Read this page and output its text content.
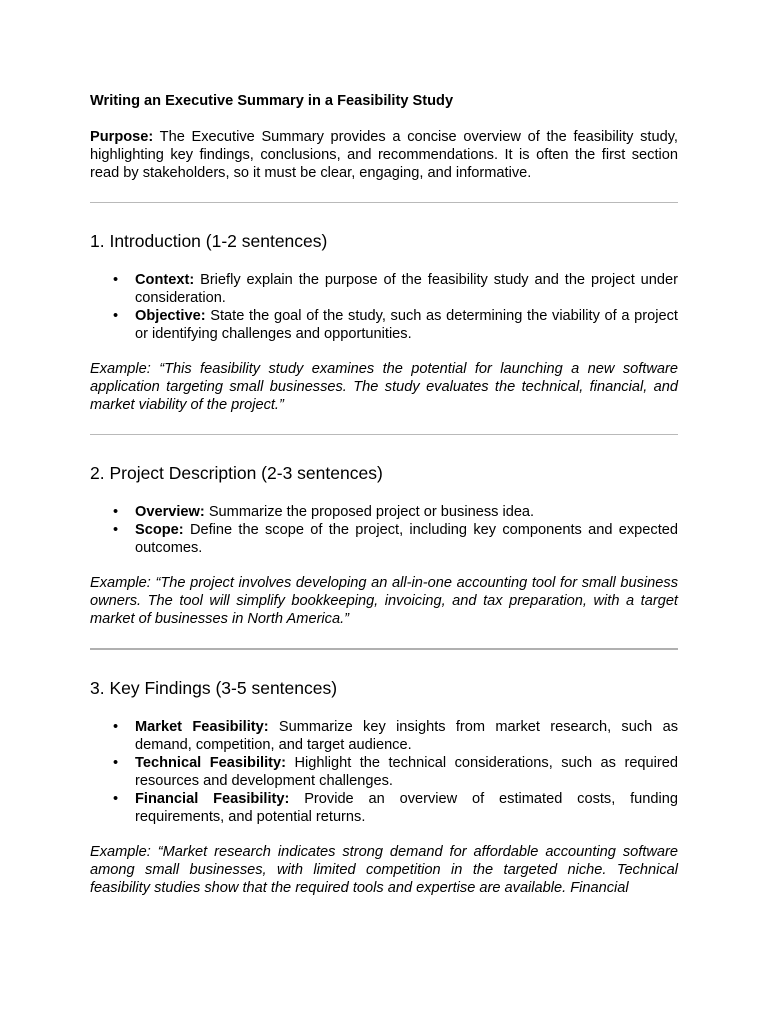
Writing an Executive Summary in a Feasibility Study

Purpose: The Executive Summary provides a concise overview of the feasibility study, highlighting key findings, conclusions, and recommendations. It is often the first section read by stakeholders, so it must be clear, engaging, and informative.

1. Introduction (1-2 sentences)
• Context: Briefly explain the purpose of the feasibility study and the project under consideration.
• Objective: State the goal of the study, such as determining the viability of a project or identifying challenges and opportunities.

Example: “This feasibility study examines the potential for launching a new software application targeting small businesses. The study evaluates the technical, financial, and market viability of the project.”

2. Project Description (2-3 sentences)
• Overview: Summarize the proposed project or business idea.
• Scope: Define the scope of the project, including key components and expected outcomes.

Example: “The project involves developing an all-in-one accounting tool for small business owners. The tool will simplify bookkeeping, invoicing, and tax preparation, with a target market of businesses in North America.”

3. Key Findings (3-5 sentences)
• Market Feasibility: Summarize key insights from market research, such as demand, competition, and target audience.
• Technical Feasibility: Highlight the technical considerations, such as required resources and development challenges.
• Financial Feasibility: Provide an overview of estimated costs, funding requirements, and potential returns.

Example: “Market research indicates strong demand for affordable accounting software among small businesses, with limited competition in the targeted niche. Technical feasibility studies show that the required tools and expertise are available. Financial
